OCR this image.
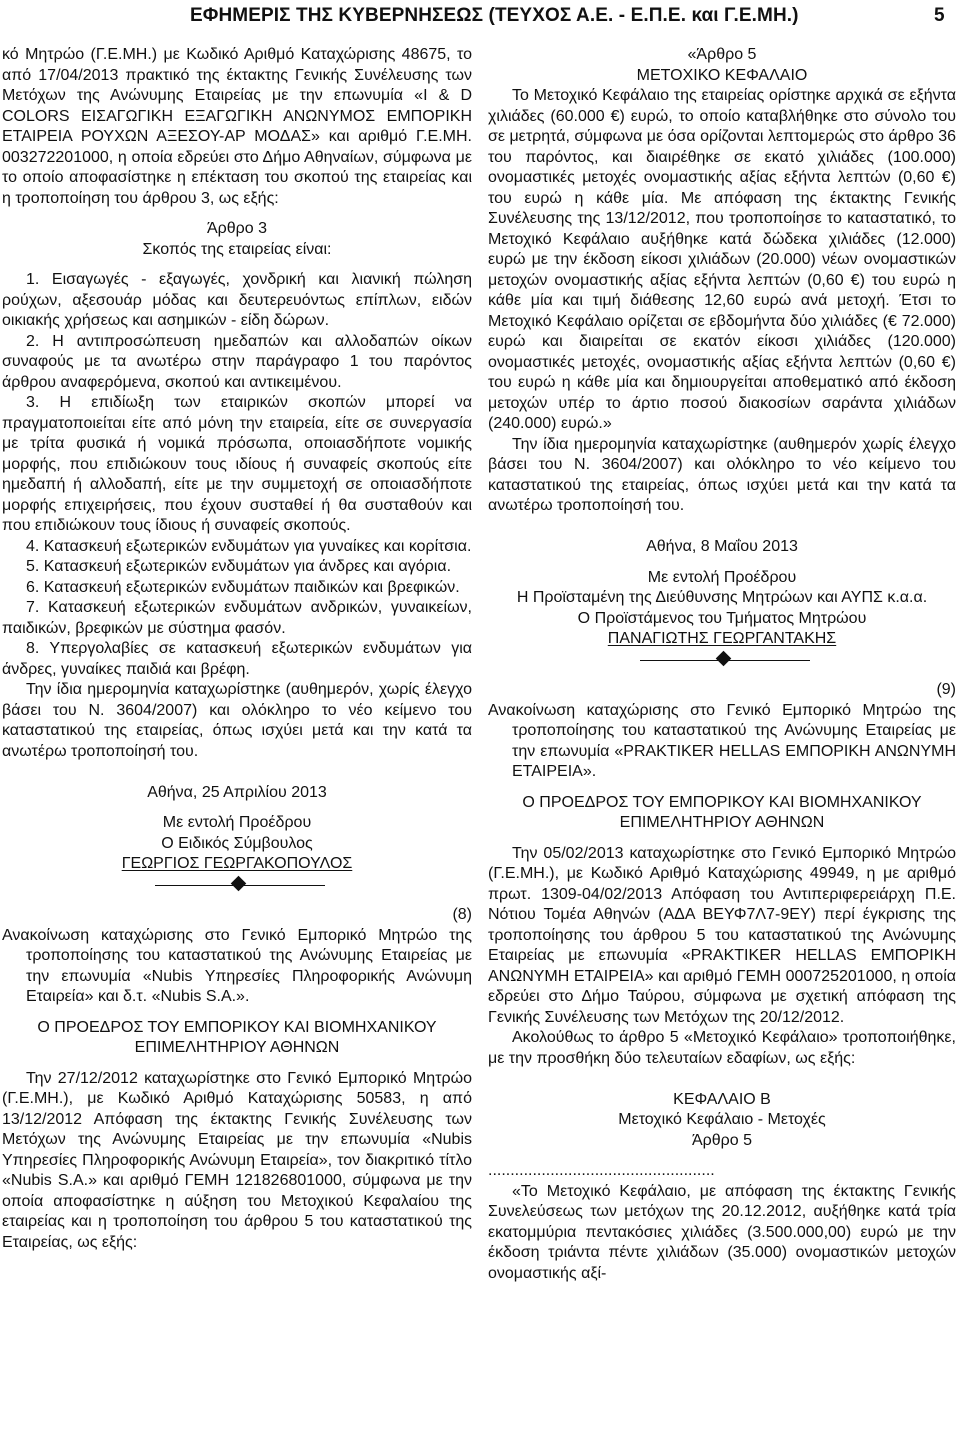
ΕΦΗΜΕΡΙΣ ΤΗΣ ΚΥΒΕΡΝΗΣΕΩΣ (ΤΕΥΧΟΣ Α.Ε. - Ε.Π.Ε. και Γ.Ε.ΜΗ.)	5

κό Μητρώο (Γ.Ε.ΜΗ.) με Κωδικό Αριθμό Καταχώρισης 48675, το από 17/04/2013 πρακτικό της έκτακτης Γενικής Συνέλευσης των Μετόχων της Ανώνυμης Εταιρείας με την επωνυμία «I & D COLORS ΕΙΣΑΓΩΓΙΚΗ ΕΞΑΓΩΓΙΚΗ ΑΝΩΝΥΜΟΣ ΕΜΠΟΡΙΚΗ ΕΤΑΙΡΕΙΑ ΡΟΥΧΩΝ ΑΞΕΣΟΥ-ΑΡ ΜΟΔΑΣ» και αριθμό Γ.Ε.ΜΗ. 003272201000, η οποία εδρεύει στο Δήμο Αθηναίων, σύμφωνα με το οποίο αποφασίστηκε η επέκταση του σκοπού της εταιρείας και η τροποποίηση του άρθρου 3, ως εξής:

Άρθρο 3

Σκοπός της εταιρείας είναι:

1. Εισαγωγές - εξαγωγές, χονδρική και λιανική πώληση ρούχων, αξεσουάρ μόδας και δευτερευόντως επίπλων, ειδών οικιακής χρήσεως και ασημικών - είδη δώρων.

2. Η αντιπροσώπευση ημεδαπών και αλλοδαπών οίκων συναφούς με τα ανωτέρω στην παράγραφο 1 του παρόντος άρθρου αναφερόμενα, σκοπού και αντικειμένου.

3. Η επιδίωξη των εταιρικών σκοπών μπορεί να πραγματοποιείται είτε από μόνη την εταιρεία, είτε σε συνεργασία με τρίτα φυσικά ή νομικά πρόσωπα, οποιασδήποτε νομικής μορφής, που επιδιώκουν τους ιδίους ή συναφείς σκοπούς είτε ημεδαπή ή αλλοδαπή, είτε με την συμμετοχή σε οποιασδήποτε μορφής επιχειρήσεις, που έχουν συσταθεί ή θα συσταθούν και που επιδιώκουν τους ίδιους ή συναφείς σκοπούς.

4. Κατασκευή εξωτερικών ενδυμάτων για γυναίκες και κορίτσια.

5. Κατασκευή εξωτερικών ενδυμάτων για άνδρες και αγόρια.

6. Κατασκευή εξωτερικών ενδυμάτων παιδικών και βρεφικών.

7. Κατασκευή εξωτερικών ενδυμάτων ανδρικών, γυναικείων, παιδικών, βρεφικών με σύστημα φασόν.

8. Υπεργολαβίες σε κατασκευή εξωτερικών ενδυμάτων για άνδρες, γυναίκες παιδιά και βρέφη.

Την ίδια ημερομηνία καταχωρίστηκε (αυθημερόν, χωρίς έλεγχο βάσει του Ν. 3604/2007) και ολόκληρο το νέο κείμενο του καταστατικού της εταιρείας, όπως ισχύει μετά και την κατά τα ανωτέρω τροποποίησή του.

Αθήνα, 25 Απριλίου 2013

Με εντολή Προέδρου

Ο Ειδικός Σύμβουλος

ΓΕΩΡΓΙΟΣ ΓΕΩΡΓΑΚΟΠΟΥΛΟΣ

(8)

Ανακοίνωση καταχώρισης στο Γενικό Εμπορικό Μητρώο της τροποποίησης του καταστατικού της Ανώνυμης Εταιρείας με την επωνυμία «Nubis Υπηρεσίες Πληροφορικής Ανώνυμη Εταιρεία» και δ.τ. «Nubis S.A.».

Ο ΠΡΟΕΔΡΟΣ ΤΟΥ ΕΜΠΟΡΙΚΟΥ ΚΑΙ ΒΙΟΜΗΧΑΝΙΚΟΥ

ΕΠΙΜΕΛΗΤΗΡΙΟΥ ΑΘΗΝΩΝ

Την 27/12/2012 καταχωρίστηκε στο Γενικό Εμπορικό Μητρώο (Γ.Ε.ΜΗ.), με Κωδικό Αριθμό Καταχώρισης 50583, η από 13/12/2012 Απόφαση της έκτακτης Γενικής Συνέλευσης των Μετόχων της Ανώνυμης Εταιρείας με την επωνυμία «Nubis Υπηρεσίες Πληροφορικής Ανώνυμη Εταιρεία», τον διακριτικό τίτλο «Nubis S.A.» και αριθμό ΓΕΜΗ 121826801000, σύμφωνα με την οποία αποφασίστηκε η αύξηση του Μετοχικού Κεφαλαίου της εταιρείας και η τροποποίηση του άρθρου 5 του καταστατικού της Εταιρείας, ως εξής:

«Άρθρο 5

ΜΕΤΟΧΙΚΟ ΚΕΦΑΛΑΙΟ

Το Μετοχικό Κεφάλαιο της εταιρείας ορίστηκε αρχικά σε εξήντα χιλιάδες (60.000 €) ευρώ, το οποίο καταβλήθηκε στο σύνολο του σε μετρητά, σύμφωνα με όσα ορίζονται λεπτομερώς στο άρθρο 36 του παρόντος, και διαιρέθηκε σε εκατό χιλιάδες (100.000) ονομαστικές μετοχές ονομαστικής αξίας εξήντα λεπτών (0,60 €) του ευρώ η κάθε μία. Με απόφαση της έκτακτης Γενικής Συνέλευσης της 13/12/2012, που τροποποίησε το καταστατικό, το Μετοχικό Κεφάλαιο αυξήθηκε κατά δώδεκα χιλιάδες (12.000) ευρώ με την έκδοση είκοσι χιλιάδων (20.000) νέων ονομαστικών μετοχών ονομαστικής αξίας εξήντα λεπτών (0,60 €) του ευρώ η κάθε μία και τιμή διάθεσης 12,60 ευρώ ανά μετοχή. Έτσι το Μετοχικό Κεφάλαιο ορίζεται σε εβδομήντα δύο χιλιάδες (€ 72.000) ευρώ και διαιρείται σε εκατόν είκοσι χιλιάδες (120.000) ονομαστικές μετοχές, ονομαστικής αξίας εξήντα λεπτών (0,60 €) του ευρώ η κάθε μία και δημιουργείται αποθεματικό από έκδοση μετοχών υπέρ το άρτιο ποσού διακοσίων σαράντα χιλιάδων (240.000) ευρώ.»

Την ίδια ημερομηνία καταχωρίστηκε (αυθημερόν χωρίς έλεγχο βάσει του Ν. 3604/2007) και ολόκληρο το νέο κείμενο του καταστατικού της εταιρείας, όπως ισχύει μετά και την κατά τα ανωτέρω τροποποίησή του.

Αθήνα, 8 Μαΐου 2013

Με εντολή Προέδρου

Η Προϊσταμένη της Διεύθυνσης Μητρώων και ΑΥΠΣ κ.α.α.

Ο Προϊστάμενος του Τμήματος Μητρώου

ΠΑΝΑΓΙΩΤΗΣ ΓΕΩΡΓΑΝΤΑΚΗΣ

(9)

Ανακοίνωση καταχώρισης στο Γενικό Εμπορικό Μητρώο της τροποποίησης του καταστατικού της Ανώνυμης Εταιρείας με την επωνυμία «PRAKTIKER HELLAS ΕΜΠΟΡΙΚΗ ΑΝΩΝΥΜΗ ΕΤΑΙΡΕΙΑ».

Ο ΠΡΟΕΔΡΟΣ ΤΟΥ ΕΜΠΟΡΙΚΟΥ ΚΑΙ ΒΙΟΜΗΧΑΝΙΚΟΥ

ΕΠΙΜΕΛΗΤΗΡΙΟΥ ΑΘΗΝΩΝ

Την 05/02/2013 καταχωρίστηκε στο Γενικό Εμπορικό Μητρώο (Γ.Ε.ΜΗ.), με Κωδικό Αριθμό Καταχώρισης 49949, η με αριθμό πρωτ. 1309-04/02/2013 Απόφαση του Αντιπεριφερειάρχη Π.Ε. Νότιου Τομέα Αθηνών (ΑΔΑ ΒΕΥΦ7Λ7-9ΕΥ) περί έγκρισης της τροποποίησης του άρθρου 5 του καταστατικού της Ανώνυμης Εταιρείας με επωνυμία «PRAKTIKER HELLAS ΕΜΠΟΡΙΚΗ ΑΝΩΝΥΜΗ ΕΤΑΙΡΕΙΑ» και αριθμό ΓΕΜΗ 000725201000, η οποία εδρεύει στο Δήμο Ταύρου, σύμφωνα με σχετική απόφαση της Γενικής Συνέλευσης των Μετόχων της 20/12/2012.

Ακολούθως το άρθρο 5 «Μετοχικό Κεφάλαιο» τροποποιήθηκε, με την προσθήκη δύο τελευταίων εδαφίων, ως εξής:

ΚΕΦΑΛΑΙΟ Β

Μετοχικό Κεφάλαιο - Μετοχές

Άρθρο 5

...................................................

«Το Μετοχικό Κεφάλαιο, με απόφαση της έκτακτης Γενικής Συνελεύσεως των μετόχων της 20.12.2012, αυξήθηκε κατά τρία εκατομμύρια πεντακόσιες χιλιάδες (3.500.000,00) ευρώ με την έκδοση τριάντα πέντε χιλιάδων (35.000) ονομαστικών μετοχών ονομαστικής αξί-
